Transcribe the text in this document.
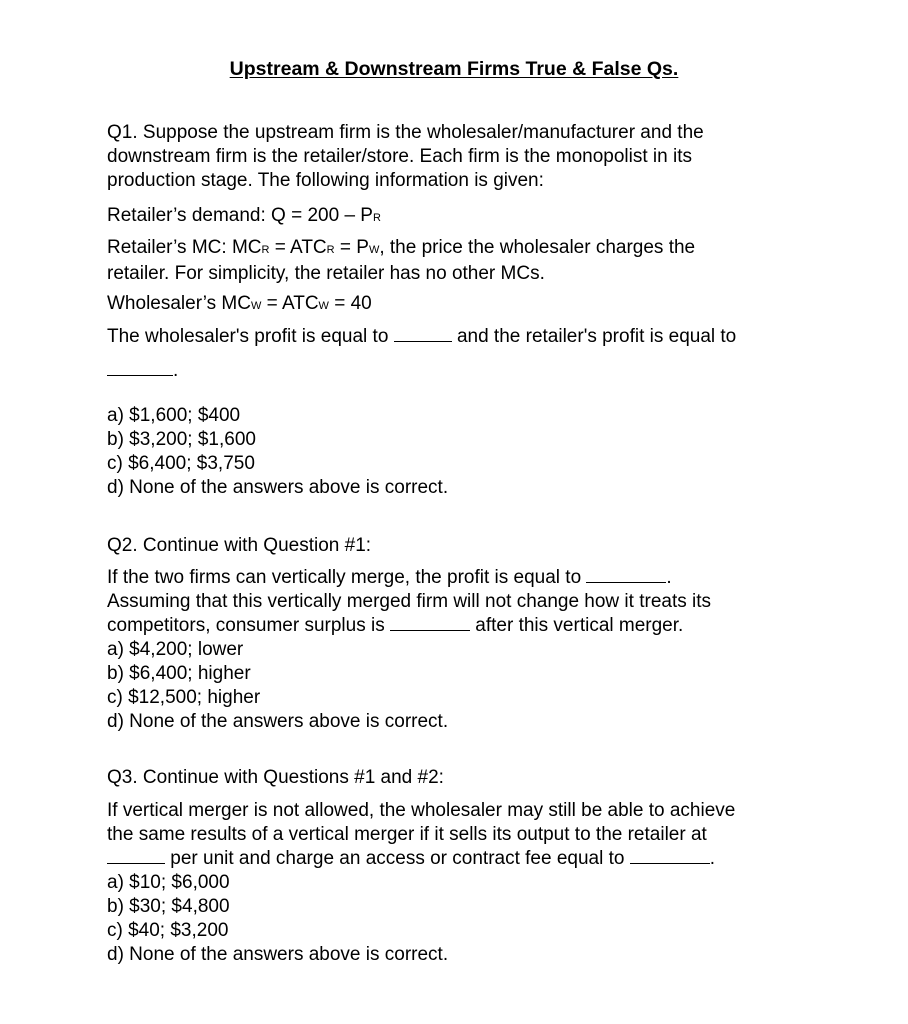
Upstream & Downstream Firms True & False Qs.
Q1. Suppose the upstream firm is the wholesaler/manufacturer and the
downstream firm is the retailer/store. Each firm is the monopolist in its
production stage. The following information is given:
Retailer’s demand: Q = 200 – PR
Retailer’s MC: MCR = ATCR = PW, the price the wholesaler charges the
retailer. For simplicity, the retailer has no other MCs.
Wholesaler’s MCW = ATCW = 40
The wholesaler's profit is equal to	and the retailer's profit is equal to
.
a) $1,600; $400
b) $3,200; $1,600
c) $6,400; $3,750
d) None of the answers above is correct.
Q2. Continue with Question #1:
If the two firms can vertically merge, the profit is equal to	.
Assuming that this vertically merged firm will not change how it treats its
competitors, consumer surplus is	after this vertical merger.
a) $4,200; lower
b) $6,400; higher
c) $12,500; higher
d) None of the answers above is correct.
Q3. Continue with Questions #1 and #2:
If vertical merger is not allowed, the wholesaler may still be able to achieve
the same results of a vertical merger if it sells its output to the retailer at
per unit and charge an access or contract fee equal to	.
a) $10; $6,000
b) $30; $4,800
c) $40; $3,200
d) None of the answers above is correct.
